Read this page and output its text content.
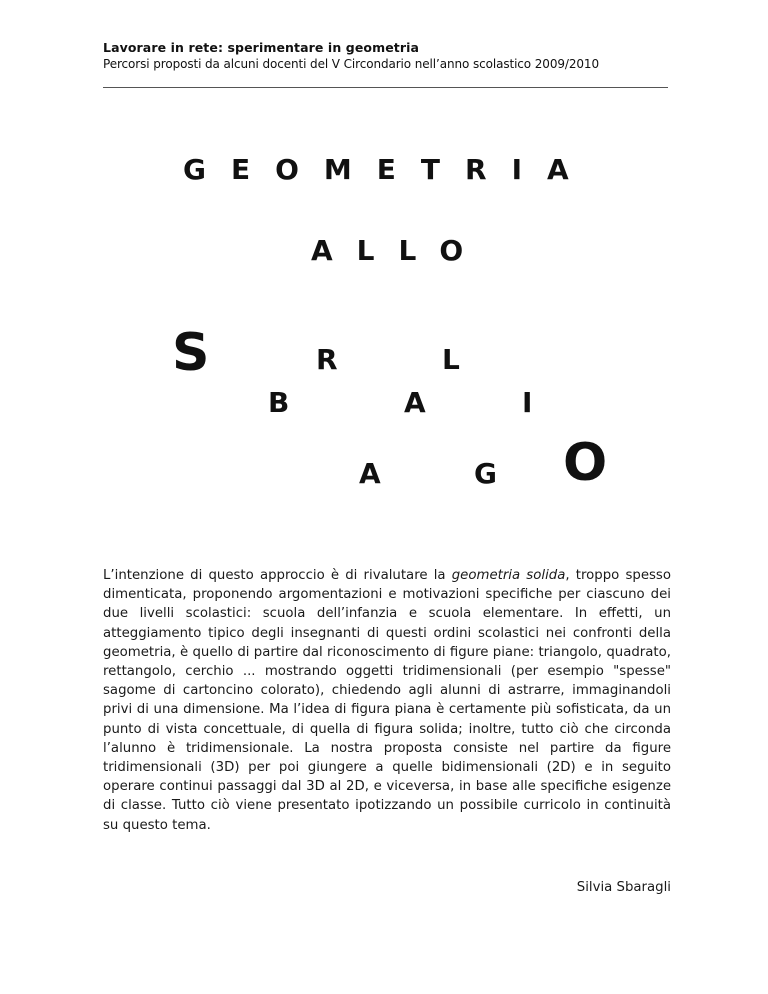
Lavorare in rete: sperimentare in geometria
Percorsi proposti da alcuni docenti del V Circondario nell’anno scolastico 2009/2010
GEOMETRIA
ALLO
S	R	L
B	A	I
A	G O
L’intenzione di questo approccio è di rivalutare la geometria solida, troppo spesso dimenticata, proponendo argomentazioni e motivazioni specifiche per ciascuno dei due livelli scolastici: scuola dell’infanzia e scuola elementare. In effetti, un atteggiamento tipico degli insegnanti di questi ordini scolastici nei confronti della geometria, è quello di partire dal riconoscimento di figure piane: triangolo, quadrato, rettangolo, cerchio ... mostrando oggetti tridimensionali (per esempio "spesse" sagome di cartoncino colorato), chiedendo agli alunni di astrarre, immaginandoli privi di una dimensione. Ma l’idea di figura piana è certamente più sofisticata, da un punto di vista concettuale, di quella di figura solida; inoltre, tutto ciò che circonda l’alunno è tridimensionale. La nostra proposta consiste nel partire da figure tridimensionali (3D) per poi giungere a quelle bidimensionali (2D) e in seguito operare continui passaggi dal 3D al 2D, e viceversa, in base alle specifiche esigenze di classe. Tutto ciò viene presentato ipotizzando un possibile curricolo in continuità su questo tema.
Silvia Sbaragli
